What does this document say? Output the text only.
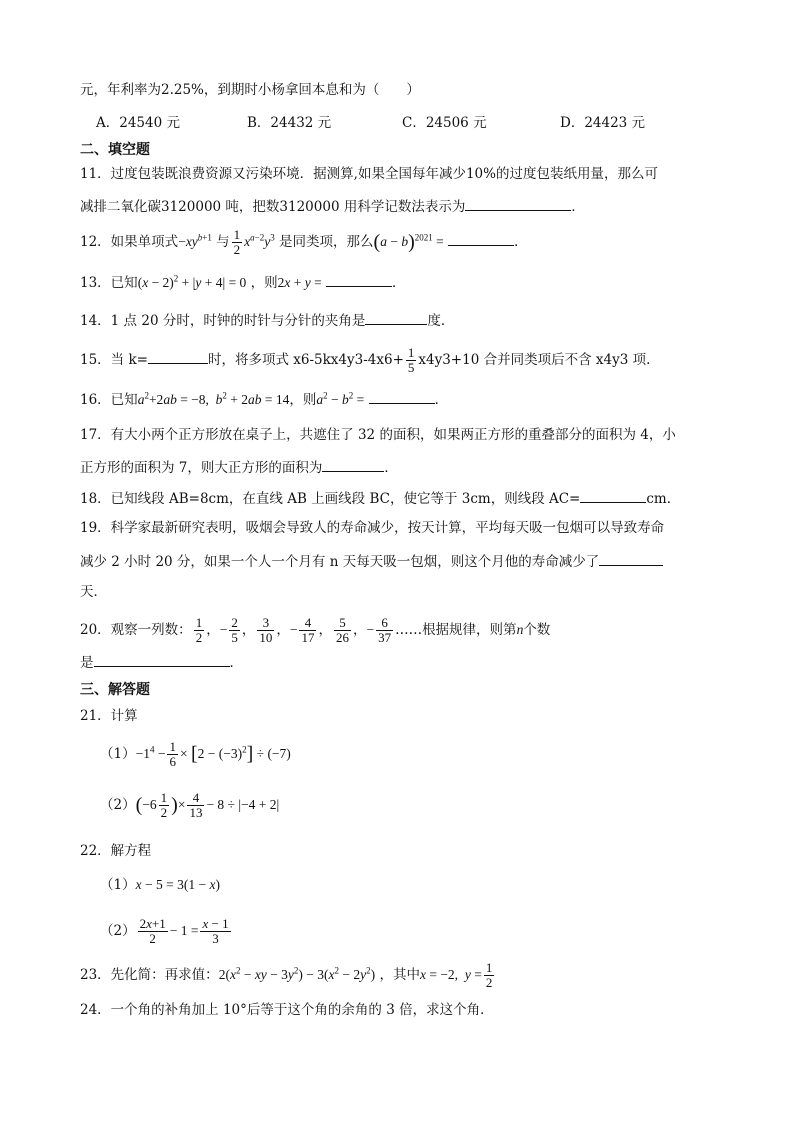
元，年利率为2.25%，到期时小杨拿回本息和为（　　）
A．24540 元	B．24432 元	C．24506 元	D．24423 元
二、填空题
11．过度包装既浪费资源又污染环境．据测算,如果全国每年减少10%的过度包装纸用量，那么可
减排二氧化碳3120000 吨，把数3120000 用科学记数法表示为	．
12．如果单项式$-xy^{b+1}$ 与 $\frac{1}{2} x^{a-2}y^3$ 是同类项，那么$(a - b)^{2021}$ =	．
13．已知$(x - 2)^2 + |y + 4| = 0$ ，则2x + y =	．
14．1 点 20 分时，时钟的时针与分针的夹角是	度．
15．当 k=	时，将多项式 $x6-5kx4y3-4x6+ \frac{1}{5} x4y3+10$ 合并同类项后不含 x4y3 项.
16．已知$a^2+2ab = -8$,  $b^2 + 2ab = 14$，则$a^2 - b^2$ =	．
17．有大小两个正方形放在桌子上，共遮住了 32 的面积，如果两正方形的重叠部分的面积为 4，小
正方形的面积为 7，则大正方形的面积为	．
18．已知线段 AB=8cm，在直线 AB 上画线段 BC，使它等于 3cm，则线段 AC=	cm．
19．科学家最新研究表明，吸烟会导致人的寿命减少，按天计算，平均每天吸一包烟可以导致寿命
减少 2 小时 20 分，如果一个人一个月有 n 天每天吸一包烟，则这个月他的寿命减少了
天．
20．观察一列数： $\frac{1}{2}$ ，− $\frac{2}{5}$ ， $\frac{3}{10}$ ，− $\frac{4}{17}$ ， $\frac{5}{26}$ ，− $\frac{6}{37}$ ……根据规律，则第n个数
是	．
三、解答题
21．计算
$(1)-1^4 - \frac{1}{6} \times [2 - (-3)^2] \div (-7)$
$(2)(-6 \frac{1}{2}$ )× $\frac{4}{13} - 8 \div |-4 + 2|$
22．解方程
（1）x − 5 = 3(1 − x)
$(2) \frac{2x+1}{2} - 1 = \frac{x - 1}{3}$
23．先化简：再求值：$2(x^2$ − xy − $3y^2) - 3(x^2 - 2y^2)$ ，其中x = −2,  $y = \frac{1}{2}$
24．一个角的补角加上 10°后等于这个角的余角的 3 倍，求这个角．
